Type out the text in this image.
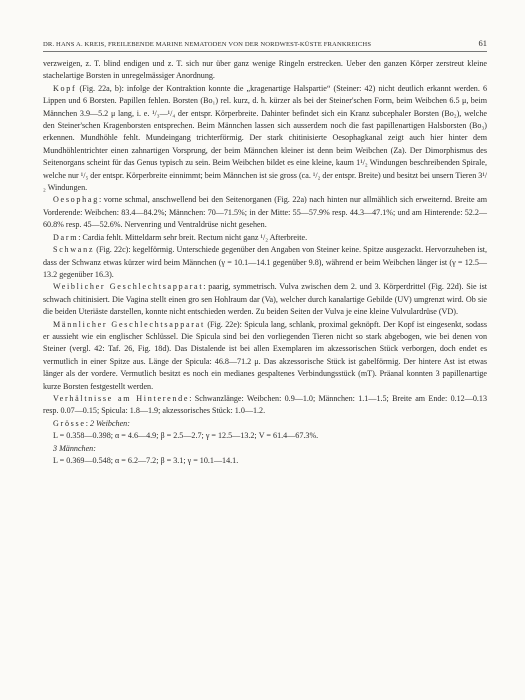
DR. HANS A. KREIS, FREILEBENDE MARINE NEMATODEN VON DER NORDWEST-KÜSTE FRANKREICHS	61

verzweigen, z. T. blind endigen und z. T. sich nur über ganz wenige Ringeln erstrecken. Ueber den ganzen Körper zerstreut kleine stachelartige Borsten in unregelmässiger Anordnung.

Kopf (Fig. 22a, b): infolge der Kontraktion konnte die „kragenartige Halspartie“ (Steiner: 42) nicht deutlich erkannt werden. 6 Lippen und 6 Borsten. Papillen fehlen. Borsten (Bo₁) rel. kurz, d. h. kürzer als bei der Steiner'schen Form, beim Weibchen 6.5 μ, beim Männchen 3.9—5.2 μ lang, i. e. ¹/₃—¹/₄ der entspr. Körperbreite. Dahinter befindet sich ein Kranz subcephaler Borsten (Bo₂), welche den Steiner'schen Kragenborsten entsprechen. Beim Männchen lassen sich ausserdem noch die fast papillenartigen Halsborsten (Bo₃) erkennen. Mundhöhle fehlt. Mundeingang trichterförmig. Der stark chitinisierte Oesophagkanal zeigt auch hier hinter dem Mundhöhlentrichter einen zahnartigen Vorsprung, der beim Männchen kleiner ist denn beim Weibchen (Za). Der Dimorphismus des Seitenorgans scheint für das Genus typisch zu sein. Beim Weibchen bildet es eine kleine, kaum 1¹/₂ Windungen beschreibenden Spirale, welche nur ¹/₅ der entspr. Körperbreite einnimmt; beim Männchen ist sie gross (ca. ¹/₂ der entspr. Breite) und besitzt bei unsern Tieren 3¹/₂ Windungen.

Oesophag: vorne schmal, anschwellend bei den Seitenorganen (Fig. 22a) nach hinten nur allmählich sich erweiternd. Breite am Vorderende: Weibchen: 83.4—84.2%; Männchen: 70—71.5%; in der Mitte: 55—57.9% resp. 44.3—47.1%; und am Hinterende: 52.2—60.8% resp. 45—52.6%. Nervenring und Ventraldrüse nicht gesehen.

Darm: Cardia fehlt. Mitteldarm sehr breit. Rectum nicht ganz ¹/₂ Afterbreite.

Schwanz (Fig. 22c): kegelförmig. Unterschiede gegenüber den Angaben von Steiner keine. Spitze ausgezackt. Hervorzuheben ist, dass der Schwanz etwas kürzer wird beim Männchen (γ = 10.1—14.1 gegenüber 9.8), während er beim Weibchen länger ist (γ = 12.5—13.2 gegenüber 16.3).

Weiblicher Geschlechtsapparat: paarig, symmetrisch. Vulva zwischen dem 2. und 3. Körperdrittel (Fig. 22d). Sie ist schwach chitinisiert. Die Vagina stellt einen gro sen Hohlraum dar (Va), welcher durch kanalartige Gebilde (UV) umgrenzt wird. Ob sie die beiden Uteriäste darstellen, konnte nicht entschieden werden. Zu beiden Seiten der Vulva je eine kleine Vulvulardrüse (VD).

Männlicher Geschlechtsapparat (Fig. 22e): Spicula lang, schlank, proximal geknöpft. Der Kopf ist eingesenkt, sodass er aussieht wie ein englischer Schlüssel. Die Spicula sind bei den vorliegenden Tieren nicht so stark abgebogen, wie bei denen von Steiner (vergl. 42: Taf. 26, Fig. 18d). Das Distalende ist bei allen Exemplaren im akzessorischen Stück verborgen, doch endet es vermutlich in einer Spitze aus. Länge der Spicula: 46.8—71.2 μ. Das akzessorische Stück ist gabelförmig. Der hintere Ast ist etwas länger als der vordere. Vermutlich besitzt es noch ein medianes gespaltenes Verbindungsstück (mT). Präanal konnten 3 papillenartige kurze Borsten festgestellt werden.

Verhältnisse am Hinterende: Schwanzlänge: Weibchen: 0.9—1.0; Männchen: 1.1—1.5; Breite am Ende: 0.12—0.13 resp. 0.07—0.15; Spicula: 1.8—1.9; akzessorisches Stück: 1.0—1.2.

Grösse: 2 Weibchen:

L = 0.358—0.398; α = 4.6—4.9; β = 2.5—2.7; γ = 12.5—13.2; V = 61.4—67.3%.

3 Männchen:

L = 0.369—0.548; α = 6.2—7.2; β = 3.1; γ = 10.1—14.1.
